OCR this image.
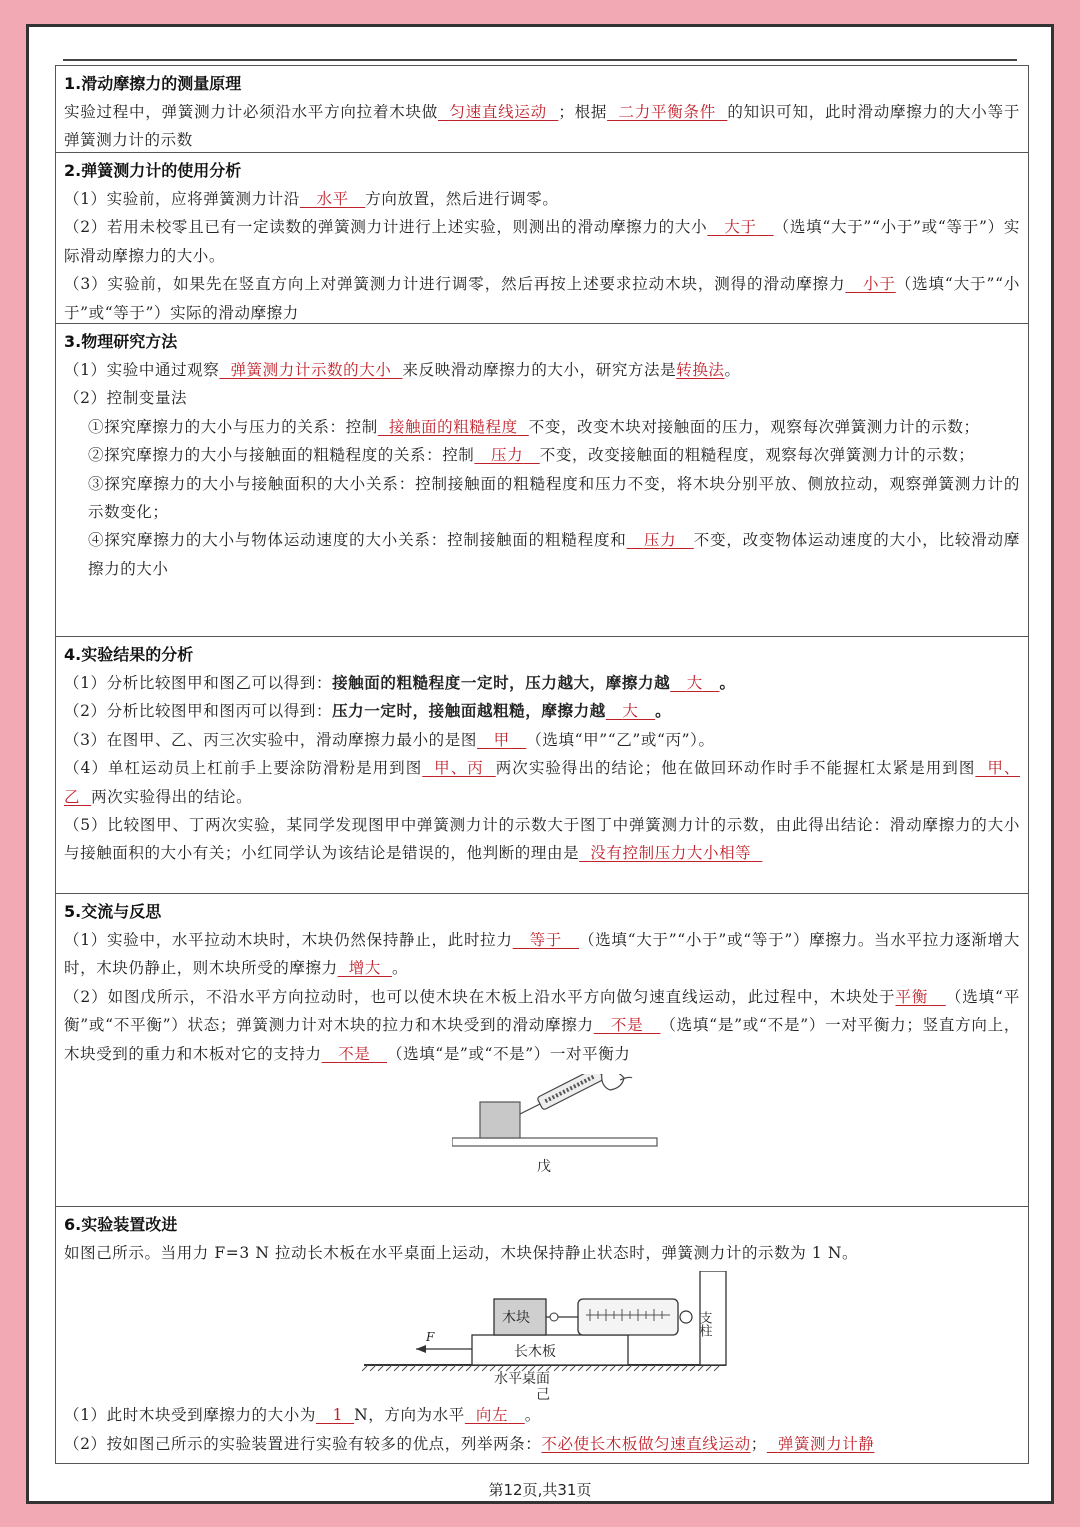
1.滑动摩擦力的测量原理
实验过程中，弹簧测力计必须沿水平方向拉着木块做 匀速直线运动 ；根据 二力平衡条件 的知识可知，此时滑动摩擦力的大小等于弹簧测力计的示数
2.弹簧测力计的使用分析
（1）实验前，应将弹簧测力计沿 水平 方向放置，然后进行调零。
（2）若用未校零且已有一定读数的弹簧测力计进行上述实验，则测出的滑动摩擦力的大小 大于 （选填“大于”“小于”或“等于”）实际滑动摩擦力的大小。
（3）实验前，如果先在竖直方向上对弹簧测力计进行调零，然后再按上述要求拉动木块，测得的滑动摩擦力 小于（选填“大于”“小于”或“等于”）实际的滑动摩擦力
3.物理研究方法
（1）实验中通过观察 弹簧测力计示数的大小 来反映滑动摩擦力的大小，研究方法是转换法。
（2）控制变量法
①探究摩擦力的大小与压力的关系：控制 接触面的粗糙程度 不变，改变木块对接触面的压力，观察每次弹簧测力计的示数；
②探究摩擦力的大小与接触面的粗糙程度的关系：控制 压力 不变，改变接触面的粗糙程度，观察每次弹簧测力计的示数；
③探究摩擦力的大小与接触面积的大小关系：控制接触面的粗糙程度和压力不变，将木块分别平放、侧放拉动，观察弹簧测力计的示数变化；
④探究摩擦力的大小与物体运动速度的大小关系：控制接触面的粗糙程度和 压力 不变，改变物体运动速度的大小，比较滑动摩擦力的大小
4.实验结果的分析
（1）分析比较图甲和图乙可以得到：接触面的粗糙程度一定时，压力越大，摩擦力越 大 。
（2）分析比较图甲和图丙可以得到：压力一定时，接触面越粗糙，摩擦力越 大 。
（3）在图甲、乙、丙三次实验中，滑动摩擦力最小的是图 甲 （选填“甲”“乙”或“丙”）。
（4）单杠运动员上杠前手上要涂防滑粉是用到图 甲、丙 两次实验得出的结论；他在做回环动作时手不能握杠太紧是用到图 甲、乙 两次实验得出的结论。
（5）比较图甲、丁两次实验，某同学发现图甲中弹簧测力计的示数大于图丁中弹簧测力计的示数，由此得出结论：滑动摩擦力的大小与接触面积的大小有关；小红同学认为该结论是错误的，他判断的理由是 没有控制压力大小相等
5.交流与反思
（1）实验中，水平拉动木块时，木块仍然保持静止，此时拉力 等于 （选填“大于”“小于”或“等于”）摩擦力。当水平拉力逐渐增大时，木块仍静止，则木块所受的摩擦力 增大 。
（2）如图戊所示，不沿水平方向拉动时，也可以使木块在木板上沿水平方向做匀速直线运动，此过程中，木块处于平衡 （选填“平衡”或“不平衡”）状态；弹簧测力计对木块的拉力和木块受到的滑动摩擦力 不是 （选填“是”或“不是”）一对平衡力；竖直方向上，木块受到的重力和木板对它的支持力 不是 （选填“是”或“不是”）一对平衡力
戊
6.实验装置改进
如图己所示。当用力 F=3 N 拉动长木板在水平桌面上运动，木块保持静止状态时，弹簧测力计的示数为 1 N。
长木板
木块	支柱
F
水平桌面
己
（1）此时木块受到摩擦力的大小为 1 N，方向为水平 向左 。
（2）按如图己所示的实验装置进行实验有较多的优点，列举两条：不必使长木板做匀速直线运动； 弹簧测力计静
第12页,共31页
